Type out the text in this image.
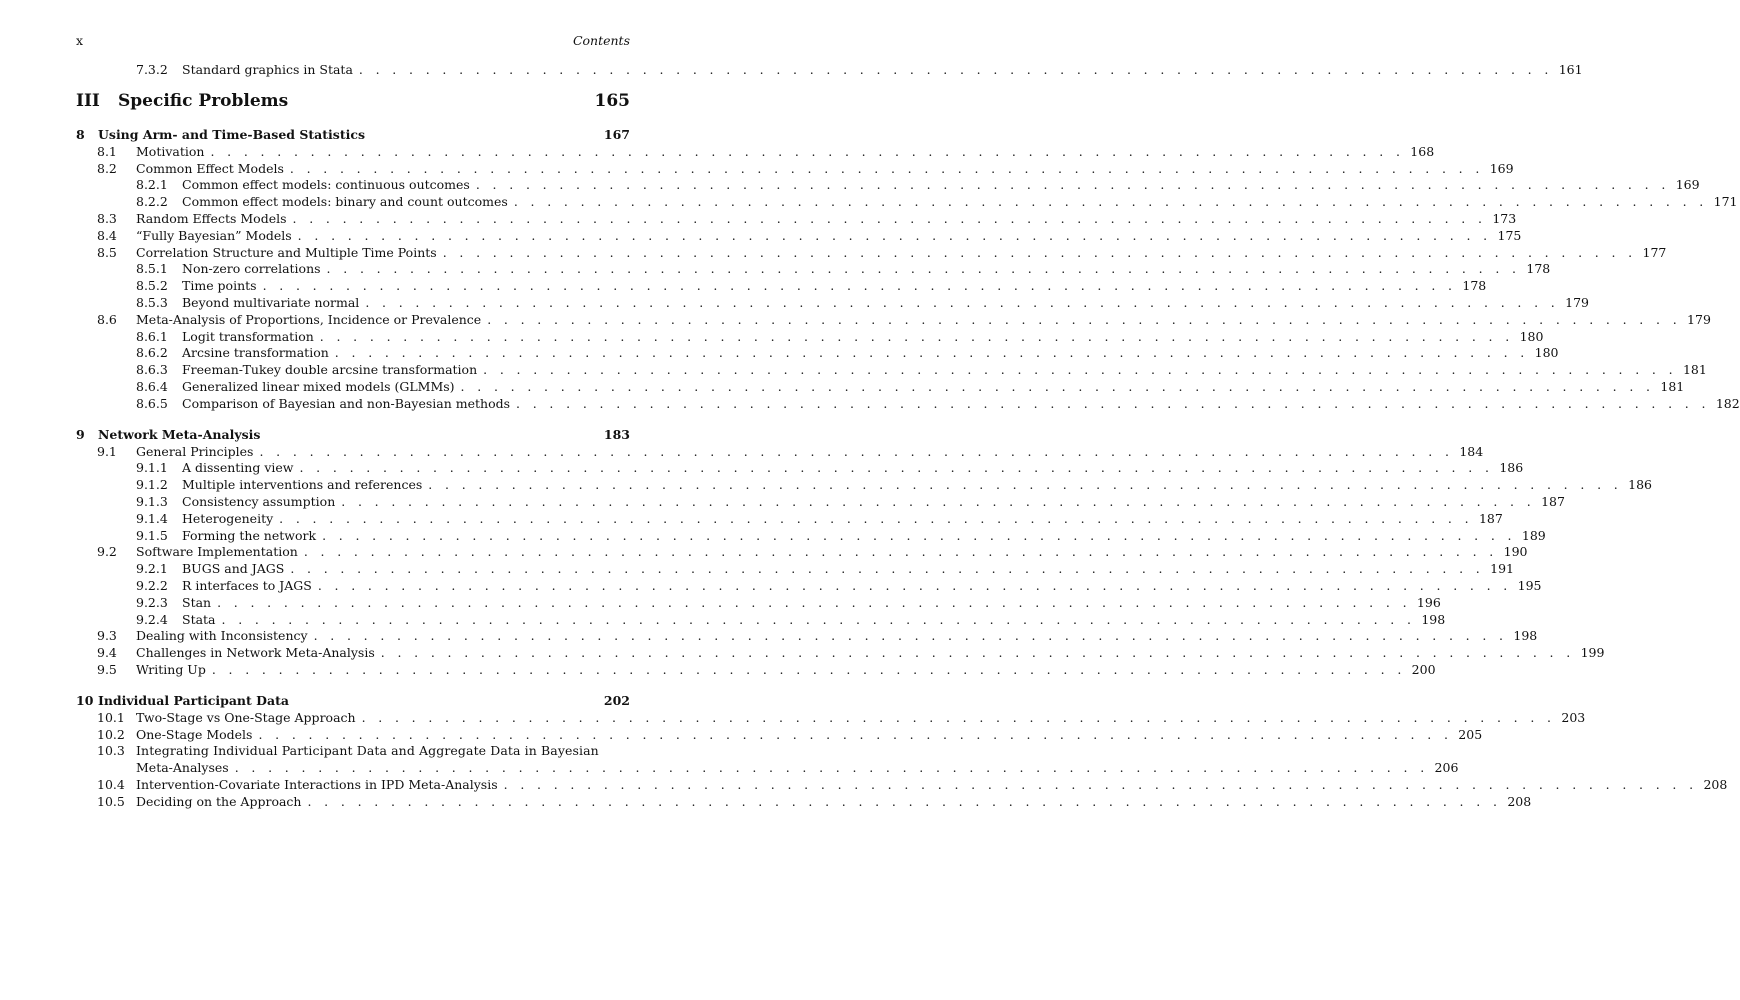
x	Contents
7.3.2	Standard graphics in Stata . . . . . . . . . . . . . . . . . . . . . . . . . . . . . . . . . . . . . . . . . . . . . . . . . . . . . . . . . . . . . . . . . . . . . . . . 161
III	Specific Problems	165
8	Using Arm- and Time-Based Statistics	167
8.1	Motivation . . . . . . . . . . . . . . . . . . . . . . . . . . . . . . . . . . . . . . . . . . . . . . . . . . . . . . . . . . . . . . . . . . . . . . . . 168
8.2	Common Effect Models . . . . . . . . . . . . . . . . . . . . . . . . . . . . . . . . . . . . . . . . . . . . . . . . . . . . . . . . . . . . . . . . . . . . . . . . 169
8.2.1	Common effect models: continuous outcomes . . . . . . . . . . . . . . . . . . . . . . . . . . . . . . . . . . . . . . . . . . . . . . . . . . . . . . . . . . . . . . . . . . . . . . . . 169
8.2.2	Common effect models: binary and count outcomes . . . . . . . . . . . . . . . . . . . . . . . . . . . . . . . . . . . . . . . . . . . . . . . . . . . . . . . . . . . . . . . . . . . . . . . . 171
8.3	Random Effects Models . . . . . . . . . . . . . . . . . . . . . . . . . . . . . . . . . . . . . . . . . . . . . . . . . . . . . . . . . . . . . . . . . . . . . . . . 173
8.4	“Fully Bayesian” Models . . . . . . . . . . . . . . . . . . . . . . . . . . . . . . . . . . . . . . . . . . . . . . . . . . . . . . . . . . . . . . . . . . . . . . . . 175
8.5	Correlation Structure and Multiple Time Points . . . . . . . . . . . . . . . . . . . . . . . . . . . . . . . . . . . . . . . . . . . . . . . . . . . . . . . . . . . . . . . . . . . . . . . . 177
8.5.1	Non-zero correlations . . . . . . . . . . . . . . . . . . . . . . . . . . . . . . . . . . . . . . . . . . . . . . . . . . . . . . . . . . . . . . . . . . . . . . . . 178
8.5.2	Time points . . . . . . . . . . . . . . . . . . . . . . . . . . . . . . . . . . . . . . . . . . . . . . . . . . . . . . . . . . . . . . . . . . . . . . . . 178
8.5.3	Beyond multivariate normal . . . . . . . . . . . . . . . . . . . . . . . . . . . . . . . . . . . . . . . . . . . . . . . . . . . . . . . . . . . . . . . . . . . . . . . . 179
8.6	Meta-Analysis of Proportions, Incidence or Prevalence . . . . . . . . . . . . . . . . . . . . . . . . . . . . . . . . . . . . . . . . . . . . . . . . . . . . . . . . . . . . . . . . . . . . . . . . 179
8.6.1	Logit transformation . . . . . . . . . . . . . . . . . . . . . . . . . . . . . . . . . . . . . . . . . . . . . . . . . . . . . . . . . . . . . . . . . . . . . . . . 180
8.6.2	Arcsine transformation . . . . . . . . . . . . . . . . . . . . . . . . . . . . . . . . . . . . . . . . . . . . . . . . . . . . . . . . . . . . . . . . . . . . . . . . 180
8.6.3	Freeman-Tukey double arcsine transformation . . . . . . . . . . . . . . . . . . . . . . . . . . . . . . . . . . . . . . . . . . . . . . . . . . . . . . . . . . . . . . . . . . . . . . . . 181
8.6.4	Generalized linear mixed models (GLMMs) . . . . . . . . . . . . . . . . . . . . . . . . . . . . . . . . . . . . . . . . . . . . . . . . . . . . . . . . . . . . . . . . . . . . . . . . 181
8.6.5	Comparison of Bayesian and non-Bayesian methods . . . . . . . . . . . . . . . . . . . . . . . . . . . . . . . . . . . . . . . . . . . . . . . . . . . . . . . . . . . . . . . . . . . . . . . . 182
9	Network Meta-Analysis	183
9.1	General Principles . . . . . . . . . . . . . . . . . . . . . . . . . . . . . . . . . . . . . . . . . . . . . . . . . . . . . . . . . . . . . . . . . . . . . . . . 184
9.1.1	A dissenting view . . . . . . . . . . . . . . . . . . . . . . . . . . . . . . . . . . . . . . . . . . . . . . . . . . . . . . . . . . . . . . . . . . . . . . . . 186
9.1.2	Multiple interventions and references . . . . . . . . . . . . . . . . . . . . . . . . . . . . . . . . . . . . . . . . . . . . . . . . . . . . . . . . . . . . . . . . . . . . . . . . 186
9.1.3	Consistency assumption . . . . . . . . . . . . . . . . . . . . . . . . . . . . . . . . . . . . . . . . . . . . . . . . . . . . . . . . . . . . . . . . . . . . . . . . 187
9.1.4	Heterogeneity . . . . . . . . . . . . . . . . . . . . . . . . . . . . . . . . . . . . . . . . . . . . . . . . . . . . . . . . . . . . . . . . . . . . . . . . 187
9.1.5	Forming the network . . . . . . . . . . . . . . . . . . . . . . . . . . . . . . . . . . . . . . . . . . . . . . . . . . . . . . . . . . . . . . . . . . . . . . . . 189
9.2	Software Implementation . . . . . . . . . . . . . . . . . . . . . . . . . . . . . . . . . . . . . . . . . . . . . . . . . . . . . . . . . . . . . . . . . . . . . . . . 190
9.2.1	BUGS and JAGS . . . . . . . . . . . . . . . . . . . . . . . . . . . . . . . . . . . . . . . . . . . . . . . . . . . . . . . . . . . . . . . . . . . . . . . . 191
9.2.2	R interfaces to JAGS . . . . . . . . . . . . . . . . . . . . . . . . . . . . . . . . . . . . . . . . . . . . . . . . . . . . . . . . . . . . . . . . . . . . . . . . 195
9.2.3	Stan . . . . . . . . . . . . . . . . . . . . . . . . . . . . . . . . . . . . . . . . . . . . . . . . . . . . . . . . . . . . . . . . . . . . . . . . 196
9.2.4	Stata . . . . . . . . . . . . . . . . . . . . . . . . . . . . . . . . . . . . . . . . . . . . . . . . . . . . . . . . . . . . . . . . . . . . . . . . 198
9.3	Dealing with Inconsistency . . . . . . . . . . . . . . . . . . . . . . . . . . . . . . . . . . . . . . . . . . . . . . . . . . . . . . . . . . . . . . . . . . . . . . . . 198
9.4	Challenges in Network Meta-Analysis . . . . . . . . . . . . . . . . . . . . . . . . . . . . . . . . . . . . . . . . . . . . . . . . . . . . . . . . . . . . . . . . . . . . . . . . 199
9.5	Writing Up . . . . . . . . . . . . . . . . . . . . . . . . . . . . . . . . . . . . . . . . . . . . . . . . . . . . . . . . . . . . . . . . . . . . . . . . 200
10 Individual Participant Data	202
10.1 Two-Stage vs One-Stage Approach . . . . . . . . . . . . . . . . . . . . . . . . . . . . . . . . . . . . . . . . . . . . . . . . . . . . . . . . . . . . . . . . . . . . . . . . 203
10.2 One-Stage Models . . . . . . . . . . . . . . . . . . . . . . . . . . . . . . . . . . . . . . . . . . . . . . . . . . . . . . . . . . . . . . . . . . . . . . . . 205
10.3 Integrating Individual Participant Data and Aggregate Data in Bayesian
Meta-Analyses . . . . . . . . . . . . . . . . . . . . . . . . . . . . . . . . . . . . . . . . . . . . . . . . . . . . . . . . . . . . . . . . . . . . . . . . 206
10.4 Intervention-Covariate Interactions in IPD Meta-Analysis . . . . . . . . . . . . . . . . . . . . . . . . . . . . . . . . . . . . . . . . . . . . . . . . . . . . . . . . . . . . . . . . . . . . . . . . 208
10.5 Deciding on the Approach . . . . . . . . . . . . . . . . . . . . . . . . . . . . . . . . . . . . . . . . . . . . . . . . . . . . . . . . . . . . . . . . . . . . . . . . 208
